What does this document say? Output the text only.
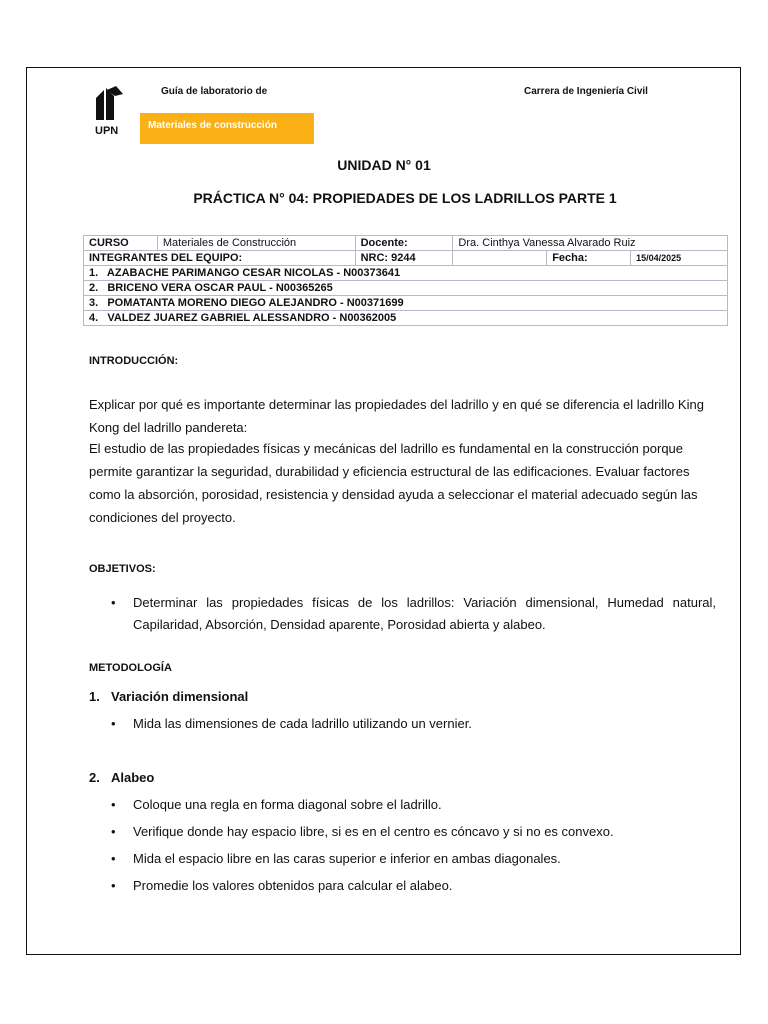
UPN
Guía de laboratorio de	Carrera de Ingeniería Civil
Materiales de construcción
UNIDAD N° 01
PRÁCTICA N° 04: PROPIEDADES DE LOS LADRILLOS PARTE 1
CURSO	Materiales de Construcción	Docente:	Dra. Cinthya Vanessa Alvarado Ruiz		
INTEGRANTES DEL EQUIPO:		NRC: 9244		Fecha:	15/04/2025
1.   AZABACHE PARIMANGO CESAR NICOLAS - N00373641					
2.   BRICENO VERA OSCAR PAUL - N00365265					
3.   POMATANTA MORENO DIEGO ALEJANDRO - N00371699					
4.   VALDEZ JUAREZ GABRIEL ALESSANDRO - N00362005					
INTRODUCCIÓN:
Explicar por qué es importante determinar las propiedades del ladrillo y en qué se diferencia el ladrillo King Kong del ladrillo pandereta:
El estudio de las propiedades físicas y mecánicas del ladrillo es fundamental en la construcción porque permite garantizar la seguridad, durabilidad y eficiencia estructural de las edificaciones. Evaluar factores como la absorción, porosidad, resistencia y densidad ayuda a seleccionar el material adecuado según las condiciones del proyecto.
OBJETIVOS:
• Determinar las propiedades físicas de los ladrillos: Variación dimensional, Humedad natural, Capilaridad, Absorción, Densidad aparente, Porosidad abierta y alabeo.
METODOLOGÍA
1. Variación dimensional
• Mida las dimensiones de cada ladrillo utilizando un vernier.
2. Alabeo
• Coloque una regla en forma diagonal sobre el ladrillo.
• Verifique donde hay espacio libre, si es en el centro es cóncavo y si no es convexo.
• Mida el espacio libre en las caras superior e inferior en ambas diagonales.
• Promedie los valores obtenidos para calcular el alabeo.
